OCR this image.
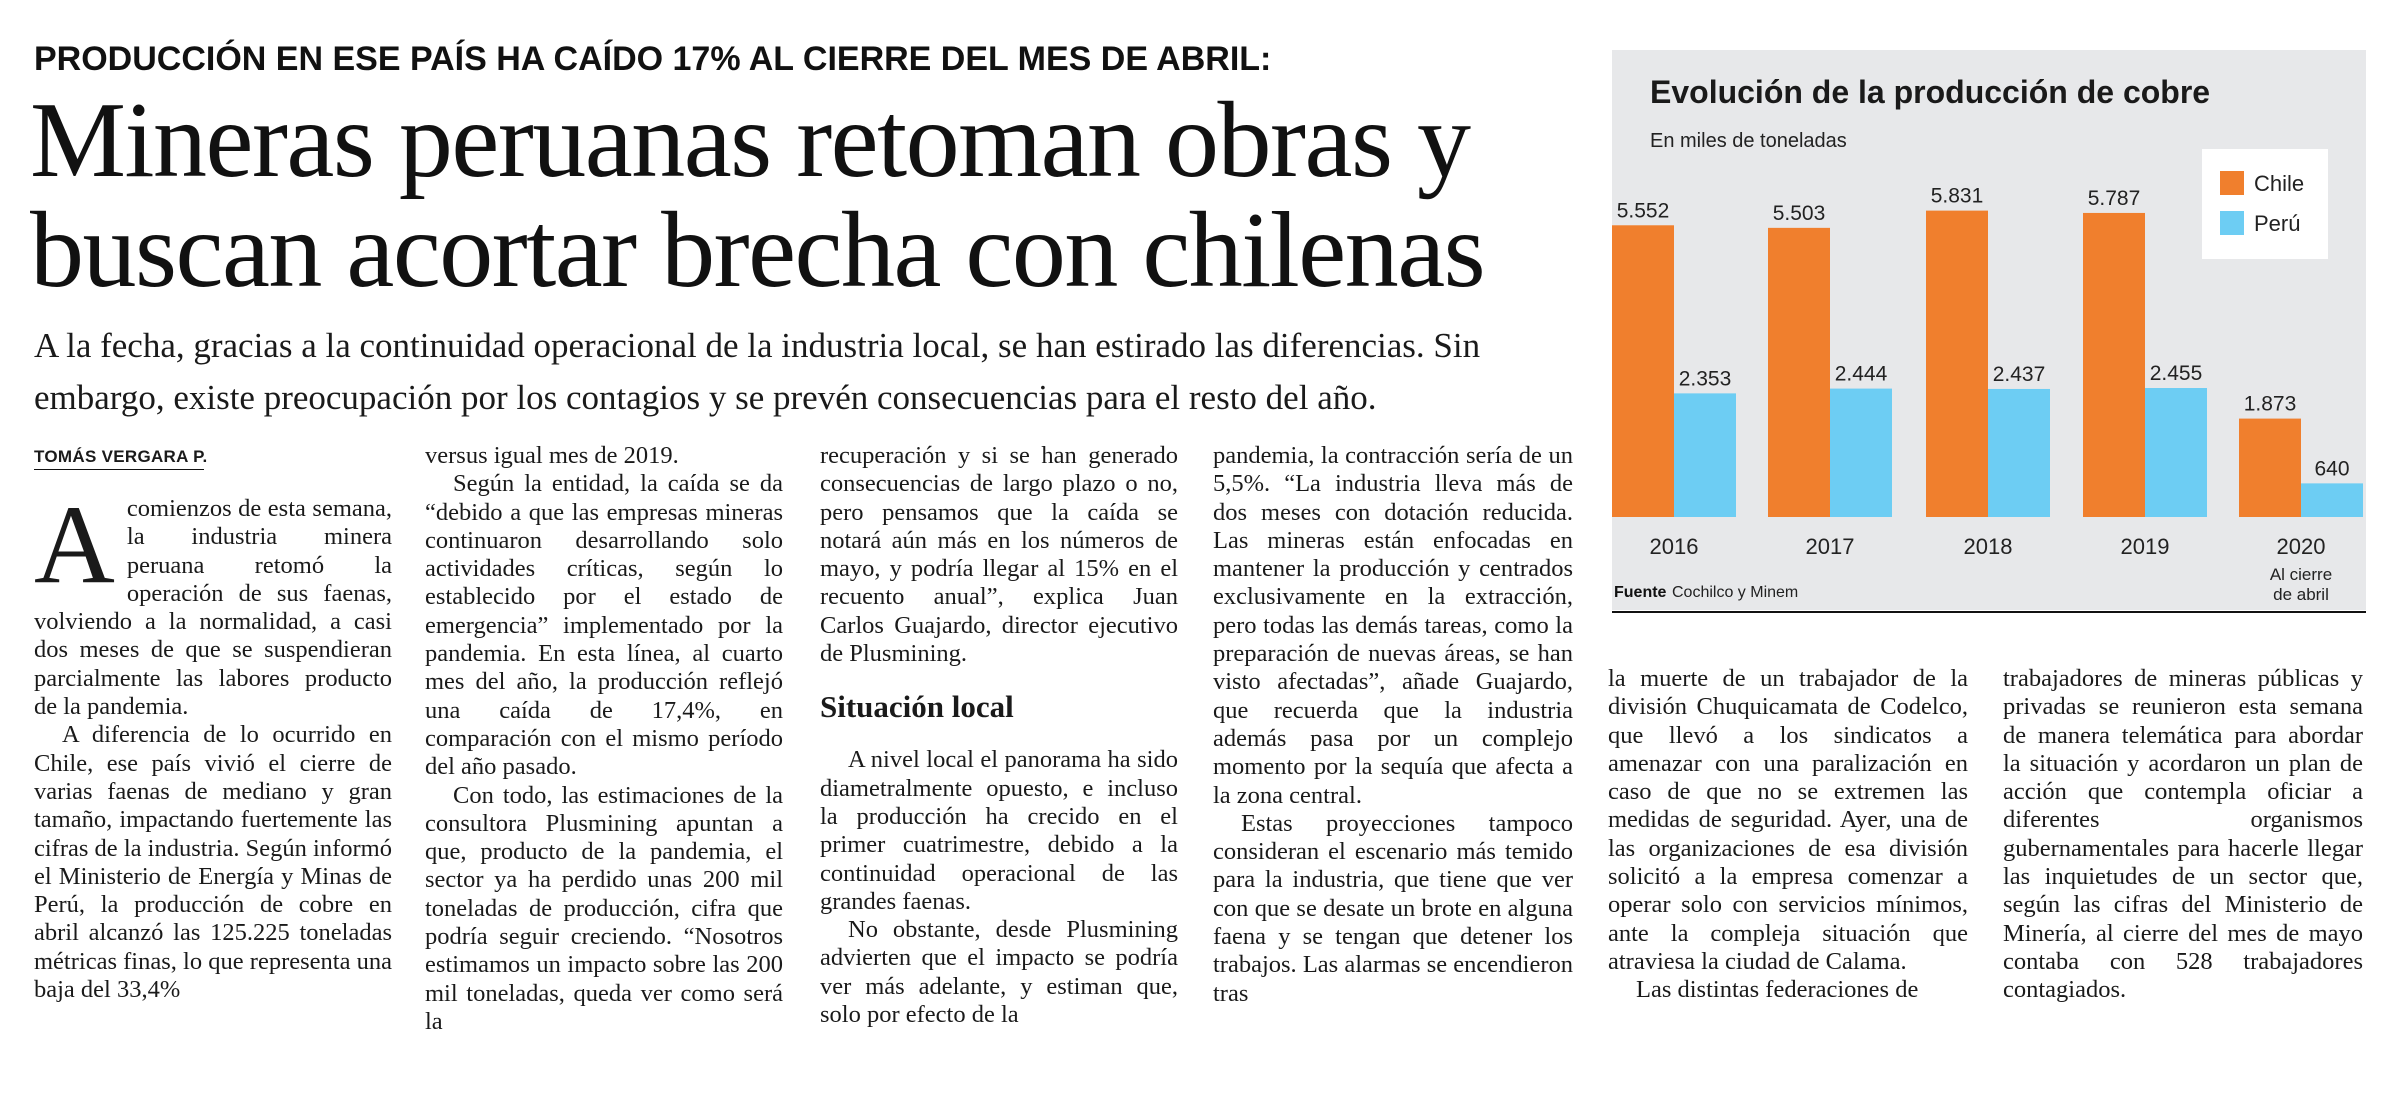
PRODUCCIÓN EN ESE PAÍS HA CAÍDO 17% AL CIERRE DEL MES DE ABRIL:
Mineras peruanas retoman obras y
buscan acortar brecha con chilenas
A la fecha, gracias a la continuidad operacional de la industria local, se han estirado las diferencias. Sin embargo, existe preocupación por los contagios y se prevén consecuencias para el resto del año.
TOMÁS VERGARA P.

Acomienzos de esta semana, la industria minera peruana retomó la operación de sus faenas, volviendo a la normalidad, a casi dos meses de que se suspendieran parcialmente las labores producto de la pandemia.

A diferencia de lo ocurrido en Chile, ese país vivió el cierre de varias faenas de mediano y gran tamaño, impactando fuertemente las cifras de la industria. Según informó el Ministerio de Energía y Minas de Perú, la producción de cobre en abril alcanzó las 125.225 toneladas métricas finas, lo que representa una baja del 33,4%

versus igual mes de 2019.

Según la entidad, la caída se da “debido a que las empresas mineras continuaron desarrollando solo actividades críticas, según lo establecido por el estado de emergencia” implementado por la pandemia. En esta línea, al cuarto mes del año, la producción reflejó una caída de 17,4%, en comparación con el mismo período del año pasado.

Con todo, las estimaciones de la consultora Plusmining apuntan a que, producto de la pandemia, el sector ya ha perdido unas 200 mil toneladas de producción, cifra que podría seguir creciendo. “Nosotros estimamos un impacto sobre las 200 mil toneladas, queda ver como será la

recuperación y si se han generado consecuencias de largo plazo o no, pero pensamos que la caída se notará aún más en los números de mayo, y podría llegar al 15% en el recuento anual”, explica Juan Carlos Guajardo, director ejecutivo de Plusmining.

Situación local

A nivel local el panorama ha sido diametralmente opuesto, e incluso la producción ha crecido en el primer cuatrimestre, debido a la continuidad operacional de las grandes faenas.

No obstante, desde Plusmining advierten que el impacto se podría ver más adelante, y estiman que, solo por efecto de la

pandemia, la contracción sería de un 5,5%. “La industria lleva más de dos meses con dotación reducida. Las mineras están enfocadas en mantener la producción y centrados exclusivamente en la extracción, pero todas las demás tareas, como la preparación de nuevas áreas, se han visto afectadas”, añade Guajardo, que recuerda que la industria además pasa por un complejo momento por la sequía que afecta a la zona central.

Estas proyecciones tampoco consideran el escenario más temido para la industria, que tiene que ver con que se desate un brote en alguna faena y se tengan que detener los trabajos. Las alarmas se encendieron tras

la muerte de un trabajador de la división Chuquicamata de Codelco, que llevó a los sindicatos a amenazar con una paralización en caso de que no se extremen las medidas de seguridad. Ayer, una de las organizaciones de esa división solicitó a la empresa comenzar a operar solo con servicios mínimos, ante la compleja situación que atraviesa la ciudad de Calama.

Las distintas federaciones de

trabajadores de mineras públicas y privadas se reunieron esta semana de manera telemática para abordar la situación y acordaron un plan de acción que contempla oficiar a diferentes organismos gubernamentales para hacerle llegar las inquietudes de un sector que, según las cifras del Ministerio de Minería, al cierre del mes de mayo contaba con 528 trabajadores contagiados.

Evolución de la producción de cobre
En miles de toneladas
5.552
2.353
2016
5.503
2.444
2017
5.831
2.437
2018
5.787
2.455
2019
1.873
640
2020
Al cierre
de abril
Chile
Perú
Fuente Cochilco y Minem
